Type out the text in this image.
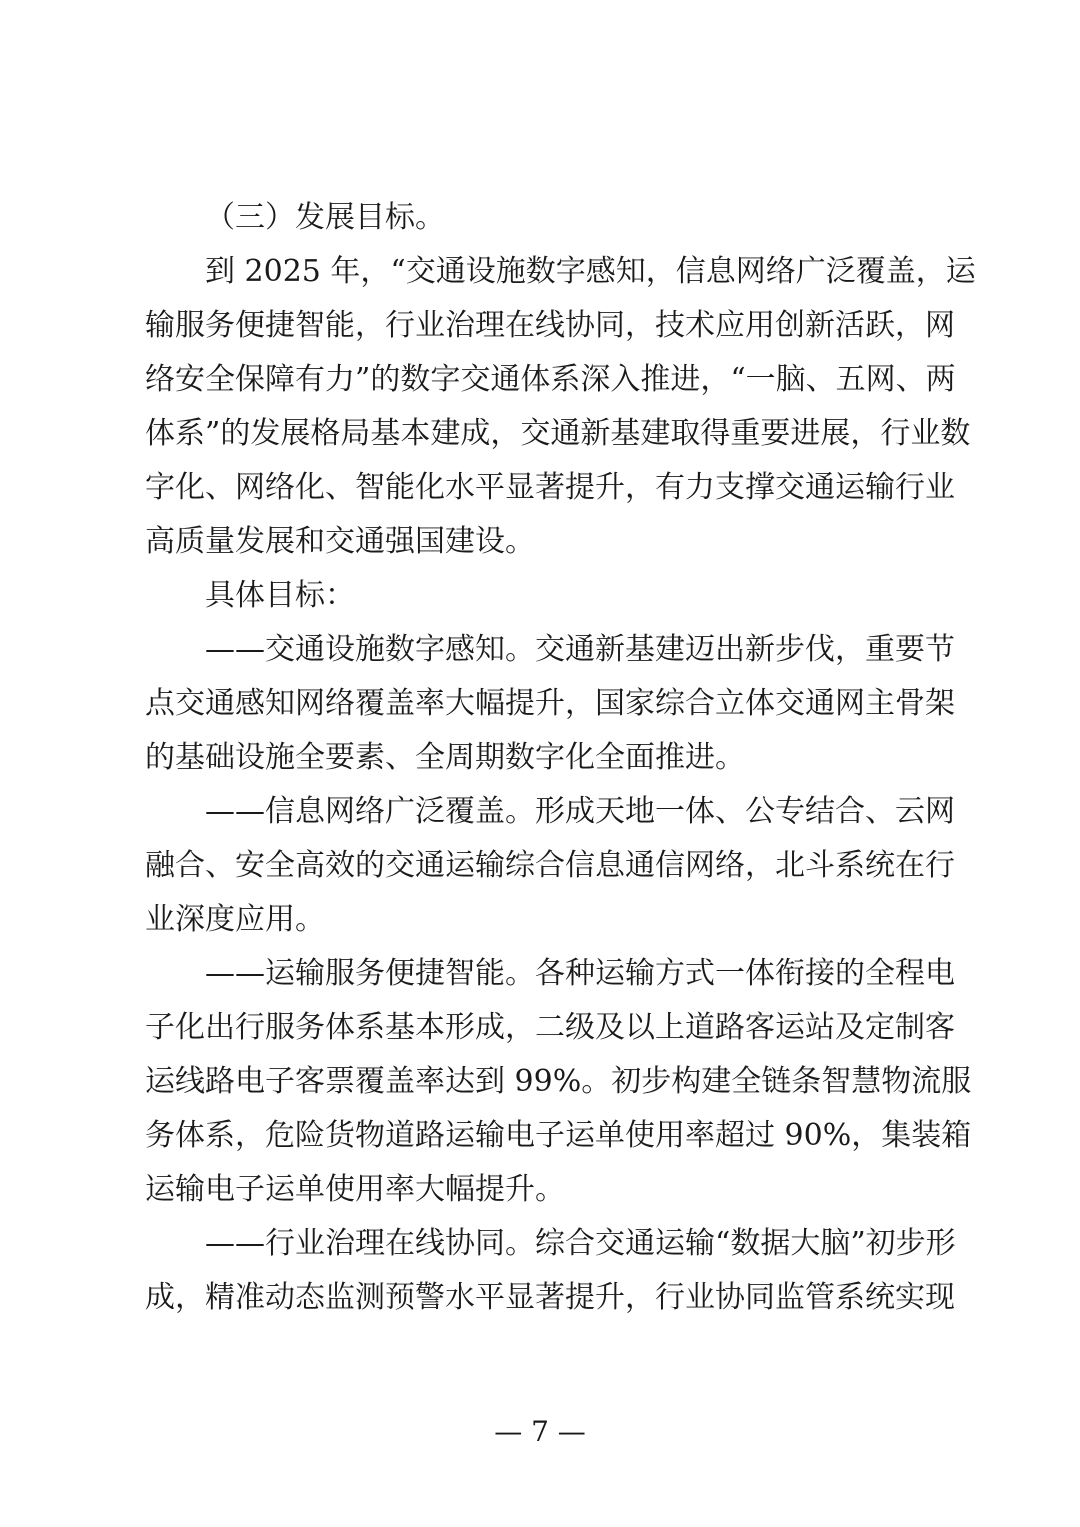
（三）发展目标。
到 2025 年，“交通设施数字感知，信息网络广泛覆盖，运
输服务便捷智能，行业治理在线协同，技术应用创新活跃，网
络安全保障有力”的数字交通体系深入推进，“一脑、五网、两
体系”的发展格局基本建成，交通新基建取得重要进展，行业数
字化、网络化、智能化水平显著提升，有力支撑交通运输行业
高质量发展和交通强国建设。
具体目标：
——交通设施数字感知。交通新基建迈出新步伐，重要节
点交通感知网络覆盖率大幅提升，国家综合立体交通网主骨架
的基础设施全要素、全周期数字化全面推进。
——信息网络广泛覆盖。形成天地一体、公专结合、云网
融合、安全高效的交通运输综合信息通信网络，北斗系统在行
业深度应用。
——运输服务便捷智能。各种运输方式一体衔接的全程电
子化出行服务体系基本形成，二级及以上道路客运站及定制客
运线路电子客票覆盖率达到 99%。初步构建全链条智慧物流服
务体系，危险货物道路运输电子运单使用率超过 90%，集装箱
运输电子运单使用率大幅提升。
——行业治理在线协同。综合交通运输“数据大脑”初步形
成，精准动态监测预警水平显著提升，行业协同监管系统实现
— 7 —
